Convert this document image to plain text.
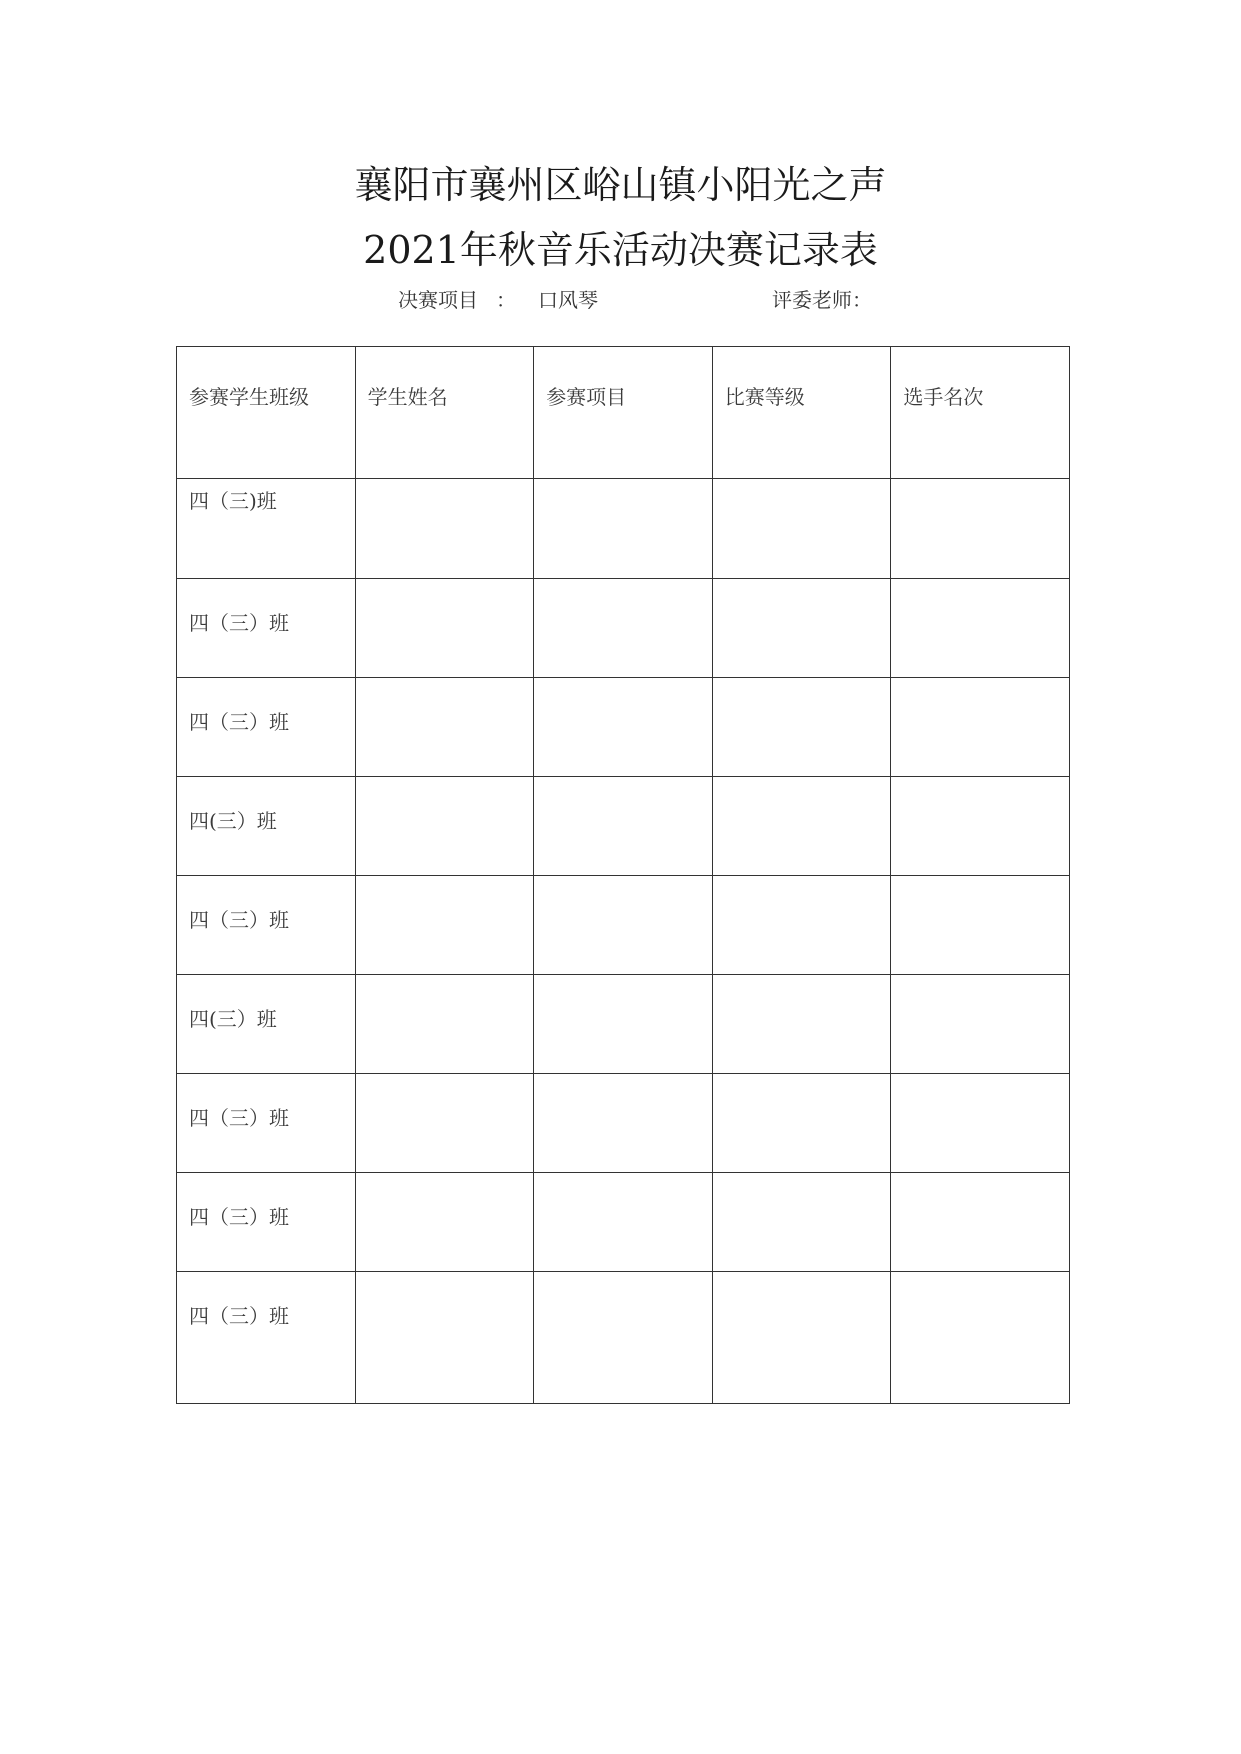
襄阳市襄州区峪山镇小阳光之声
2021年秋音乐活动决赛记录表
决赛项目 ： 口风琴	评委老师：
参赛学生班级	学生姓名	参赛项目	比赛等级	选手名次
四（三)班				
四（三）班				
四（三）班				
四(三）班				
四（三）班				
四(三）班				
四（三）班				
四（三）班				
四（三）班				
